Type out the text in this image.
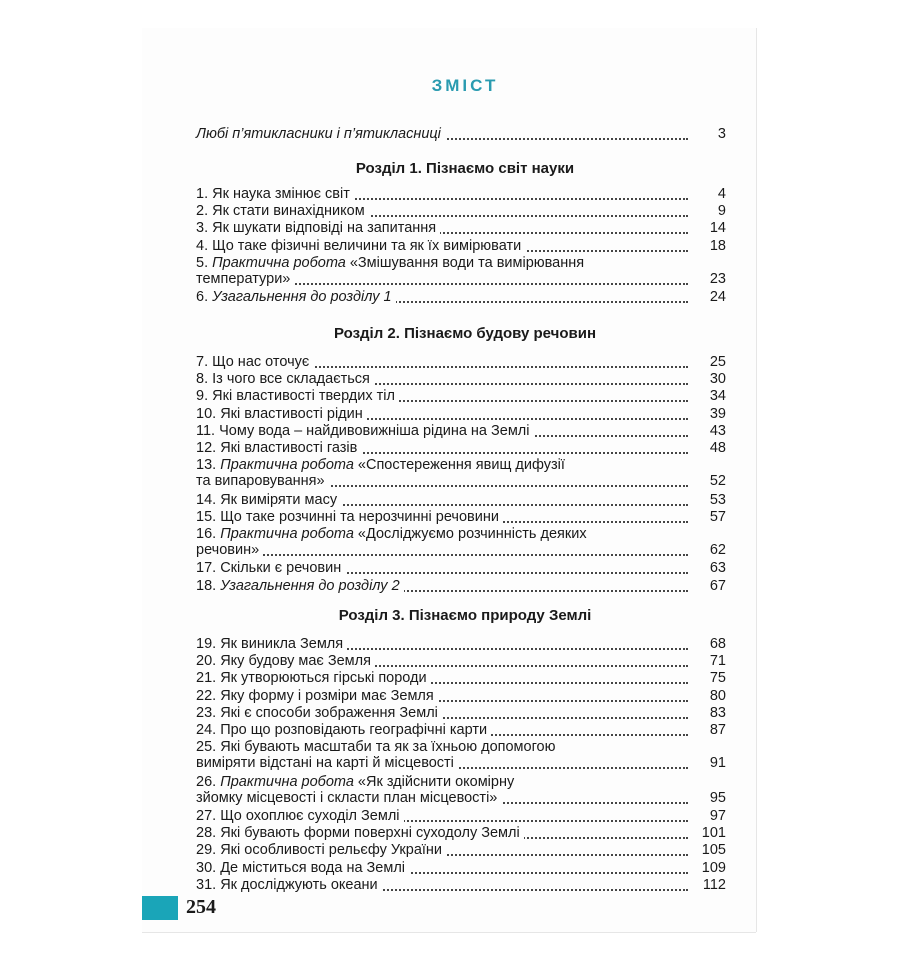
ЗМІСТ
Любі п’ятикласники і п’ятикласниці	3
Розділ 1. Пізнаємо світ науки
1. Як наука змінює світ	4
2. Як стати винахідником	9
3. Як шукати відповіді на запитання	14
4. Що таке фізичні величини та як їх вимірювати	18
5. Практична робота «Змішування води та вимірювання
температури»	23
6. Узагальнення до розділу 1	24
Розділ 2. Пізнаємо будову речовин
7. Що нас оточує	25
8. Із чого все складається	30
9. Які властивості твердих тіл	34
10. Які властивості рідин	39
11. Чому вода – найдивовижніша рідина на Землі	43
12. Які властивості газів	48
13. Практична робота «Спостереження явищ дифузії
та випаровування»	52
14. Як виміряти масу	53
15. Що таке розчинні та нерозчинні речовини	57
16. Практична робота «Досліджуємо розчинність деяких
речовин»	62
17. Скільки є речовин	63
18. Узагальнення до розділу 2	67
Розділ 3. Пізнаємо природу Землі
19. Як виникла Земля	68
20. Яку будову має Земля	71
21. Як утворюються гірські породи	75
22. Яку форму і розміри має Земля	80
23. Які є способи зображення Землі	83
24. Про що розповідають географічні карти	87
25. Які бувають масштаби та як за їхньою допомогою
виміряти відстані на карті й місцевості	91
26. Практична робота «Як здійснити окомірну
зйомку місцевості і скласти план місцевості»	95
27. Що охоплює суходіл Землі	97
28. Які бувають форми поверхні суходолу Землі	101
29. Які особливості рельєфу України	105
30. Де міститься вода на Землі	109
31. Як досліджують океани	112
254
